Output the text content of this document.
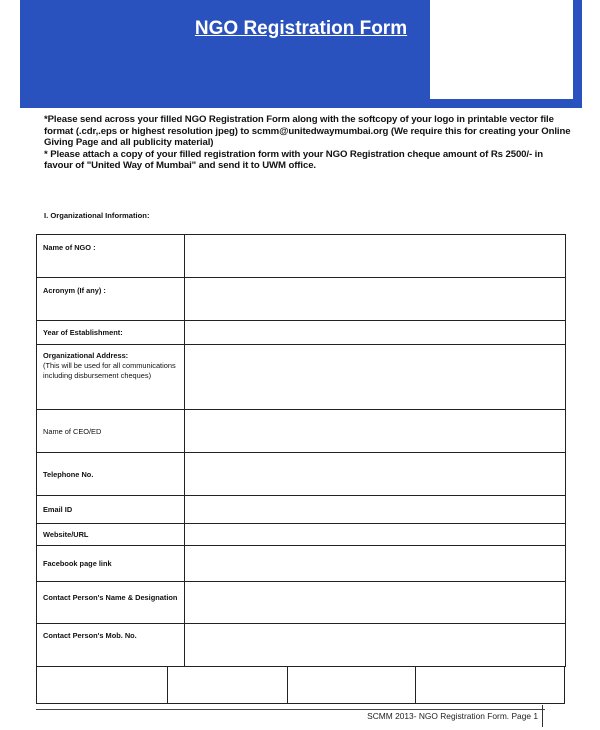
NGO Registration Form

*Please send across your filled NGO Registration Form along with the softcopy of your logo in printable vector file format (.cdr,.eps or highest resolution jpeg) to scmm@unitedwaymumbai.org (We require this for creating your Online Giving Page and all publicity material)

* Please attach a copy of your filled registration form with your NGO Registration cheque amount of Rs 2500/- in favour of "United Way of Mumbai" and send it to UWM office.

I. Organizational Information:
Name of NGO :	
Acronym (If any) :	
Year of Establishment:	
Organizational Address:
(This will be used for all communications including disbursement cheques)	

Name of CEO/ED	
Telephone No.	
Email ID	
Website/URL	
Facebook page link	
Contact Person's Name & Designation	
Contact Person's Mob. No.	

SCMM 2013- NGO Registration Form. Page 1
